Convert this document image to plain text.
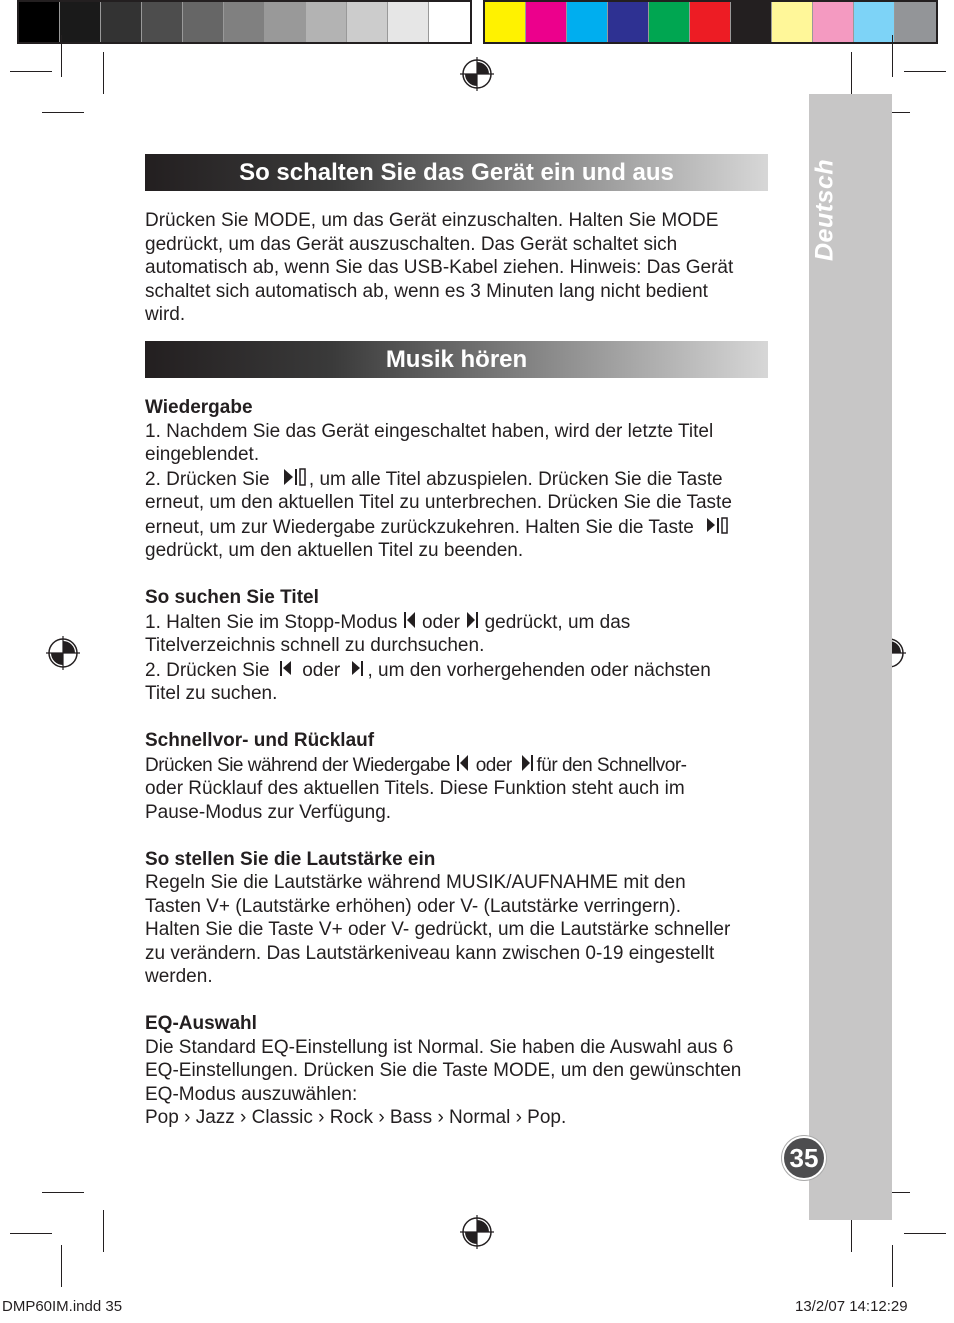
Deutsch
35
So schalten Sie das Gerät ein und aus

Drücken Sie MODE, um das Gerät einzuschalten. Halten Sie MODE

gedrückt, um das Gerät auszuschalten. Das Gerät schaltet sich

automatisch ab, wenn Sie das USB-Kabel ziehen. Hinweis: Das Gerät

schaltet sich automatisch ab, wenn es 3 Minuten lang nicht bedient

wird.

Musik hören

Wiedergabe

1. Nachdem Sie das Gerät eingeschaltet haben, wird der letzte Titel

eingeblendet.

2. Drücken Sie , um alle Titel abzuspielen. Drücken Sie die Taste

erneut, um den aktuellen Titel zu unterbrechen. Drücken Sie die Taste

erneut, um zur Wiedergabe zurückzukehren. Halten Sie die Taste

gedrückt, um den aktuellen Titel zu beenden.

So suchen Sie Titel

1. Halten Sie im Stopp-Modus oder gedrückt, um das

Titelverzeichnis schnell zu durchsuchen.

2. Drücken Sie oder , um den vorhergehenden oder nächsten

Titel zu suchen.

Schnellvor- und Rücklauf

Drücken Sie während der Wiedergabe oder für den Schnellvor-

oder Rücklauf des aktuellen Titels. Diese Funktion steht auch im

Pause-Modus zur Verfügung.

So stellen Sie die Lautstärke ein

Regeln Sie die Lautstärke während MUSIK/AUFNAHME mit den

Tasten V+ (Lautstärke erhöhen) oder V- (Lautstärke verringern).

Halten Sie die Taste V+ oder V- gedrückt, um die Lautstärke schneller

zu verändern. Das Lautstärkeniveau kann zwischen 0-19 eingestellt

werden.

EQ-Auswahl

Die Standard EQ-Einstellung ist Normal. Sie haben die Auswahl aus 6

EQ-Einstellungen. Drücken Sie die Taste MODE, um den gewünschten

EQ-Modus auszuwählen:

Pop › Jazz › Classic › Rock › Bass › Normal › Pop.

DMP60IM.indd 35	13/2/07 14:12:29
